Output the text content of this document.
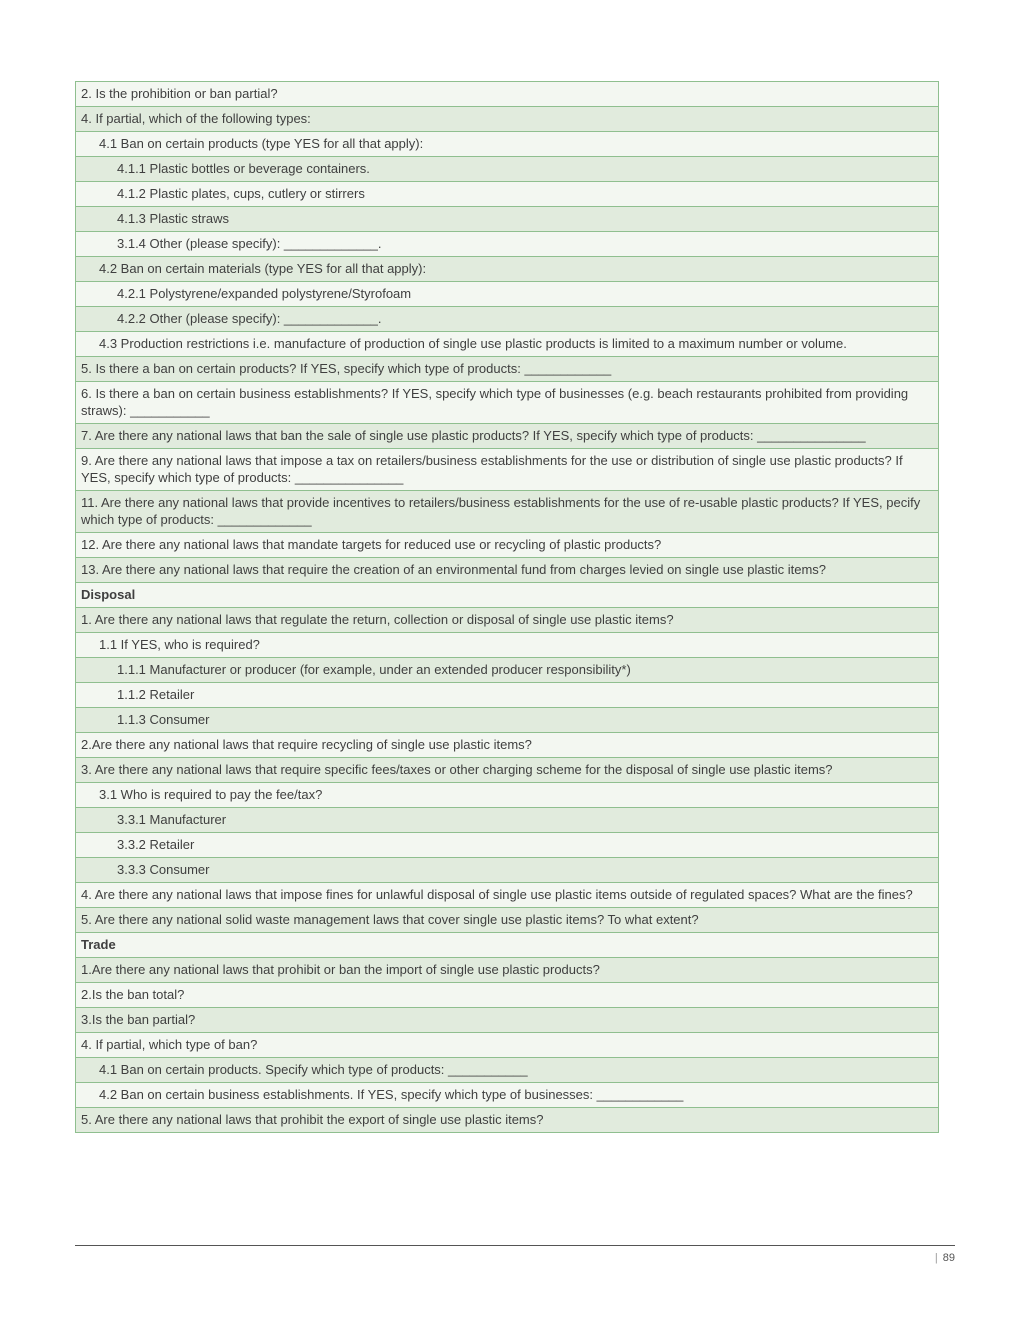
2. Is the prohibition or ban partial?
4. If partial, which of the following types:
4.1 Ban on certain products (type YES for all that apply):
4.1.1 Plastic bottles or beverage containers.
4.1.2 Plastic plates, cups, cutlery or stirrers
4.1.3 Plastic straws
3.1.4 Other (please specify): _____________.
4.2 Ban on certain materials (type YES for all that apply):
4.2.1 Polystyrene/expanded polystyrene/Styrofoam
4.2.2 Other (please specify): _____________.
4.3 Production restrictions i.e. manufacture of production of single use plastic products is limited to a maximum number or volume.
5. Is there a ban on certain products? If YES, specify which type of products: ____________
6. Is there a ban on certain business establishments? If YES, specify which type of businesses (e.g. beach restaurants prohibited from providing straws): ___________
7. Are there any national laws that ban the sale of single use plastic products? If YES, specify which type of products: _______________
9. Are there any national laws that impose a tax on retailers/business establishments for the use or distribution of single use plastic products? If YES, specify which type of products: _______________
11. Are there any national laws that provide incentives to retailers/business establishments for the use of re-usable plastic products? If YES, pecify which type of products: _____________
12. Are there any national laws that mandate targets for reduced use or recycling of plastic products?
13. Are there any national laws that require the creation of an environmental fund from charges levied on single use plastic items?
Disposal
1. Are there any national laws that regulate the return, collection or disposal of single use plastic items?
1.1 If YES, who is required?
1.1.1 Manufacturer or producer (for example, under an extended producer responsibility*)
1.1.2 Retailer
1.1.3 Consumer
2.Are there any national laws that require recycling of single use plastic items?
3. Are there any national laws that require specific fees/taxes or other charging scheme for the disposal of single use plastic items?
3.1 Who is required to pay the fee/tax?
3.3.1 Manufacturer
3.3.2 Retailer
3.3.3 Consumer
4. Are there any national laws that impose fines for unlawful disposal of single use plastic items outside of regulated spaces? What are the fines?
5. Are there any national solid waste management laws that cover single use plastic items? To what extent?
Trade
1.Are there any national laws that prohibit or ban the import of single use plastic products?
2.Is the ban total?
3.Is the ban partial?
4. If partial, which type of ban?
4.1 Ban on certain products. Specify which type of products: ___________
4.2 Ban on certain business establishments. If YES, specify which type of businesses: ____________
5. Are there any national laws that prohibit the export of single use plastic items?
| 89
